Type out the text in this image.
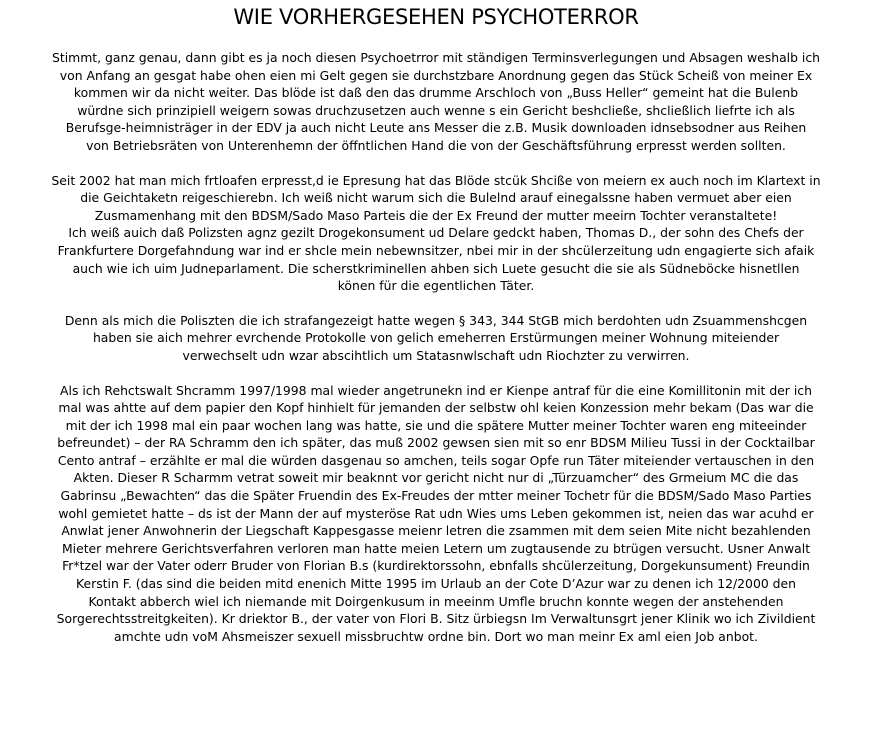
WIE VORHERGESEHEN PSYCHOTERROR

Stimmt, ganz genau, dann gibt es ja noch diesen Psychoetrror mit ständigen Terminsverlegungen und Absagen weshalb ich
von Anfang an gesgat habe ohen eien mi Gelt gegen sie durchstzbare Anordnung gegen das Stück Scheiß von meiner Ex
kommen wir da nicht weiter. Das blöde ist daß den das drumme Arschloch von „Buss Heller“ gemeint hat die Bulenb
würdne sich prinzipiell weigern sowas druchzusetzen auch wenne s ein Gericht beshcließe, shcließlich liefrte ich als
Berufsge-heimnisträger in der EDV ja auch nicht Leute ans Messer die z.B. Musik downloaden idnsebsodner aus Reihen
von Betriebsräten von Unterenhemn der öffntlichen Hand die von der Geschäftsführung erpresst werden sollten.

Seit 2002 hat man mich frtloafen erpresst,d ie Epresung hat das Blöde stcük Shciße von meiern ex auch noch im Klartext in
die Geichtaketn reigeschierebn. Ich weiß nicht warum sich die Bulelnd arauf einegalssne haben vermuet aber eien
Zusmamenhang mit den BDSM/Sado Maso Parteis die der Ex Freund der mutter meeirn Tochter veranstaltete!
Ich weiß auich daß Polizsten agnz gezilt Drogekonsument ud Delare gedckt haben, Thomas D., der sohn des Chefs der
Frankfurtere Dorgefahndung war ind er shcle mein nebewnsitzer, nbei mir in der shcülerzeitung udn engagierte sich afaik
auch wie ich uim Judneparlament. Die scherstkriminellen ahben sich Luete gesucht die sie als Südneböcke hisnetllen
könen für die egentlichen Täter.

Denn als mich die Poliszten die ich strafangezeigt hatte wegen § 343, 344 StGB mich berdohten udn Zsuammenshcgen
haben sie aich mehrer evrchende Protokolle von gelich emeherren Erstürmungen meiner Wohnung miteiender
verwechselt udn wzar abscihtlich um Statasnwlschaft udn Riochzter zu verwirren.

Als ich Rehctswalt Shcramm 1997/1998 mal wieder angetrunekn ind er Kienpe antraf für die eine Komillitonin mit der ich
mal was ahtte auf dem papier den Kopf hinhielt für jemanden der selbstw ohl keien Konzession mehr bekam (Das war die
mit der ich 1998 mal ein paar wochen lang was hatte, sie und die spätere Mutter meiner Tochter waren eng miteeinder
befreundet) – der RA Schramm den ich später, das muß 2002 gewsen sien mit so enr BDSM Milieu Tussi in der Cocktailbar
Cento antraf – erzählte er mal die würden dasgenau so amchen, teils sogar Opfe run Täter miteiender vertauschen in den
Akten. Dieser R Scharmm vetrat soweit mir beaknnt vor gericht nicht nur di „Türzuamcher“ des Grmeium MC die das
Gabrinsu „Bewachten“ das die Später Fruendin des Ex-Freudes der mtter meiner Tochetr für die BDSM/Sado Maso Parties
wohl gemietet hatte – ds ist der Mann der auf mysteröse Rat udn Wies ums Leben gekommen ist, neien das war acuhd er
Anwlat jener Anwohnerin der Liegschaft Kappesgasse meienr letren die zsammen mit dem seien Mite nicht bezahlenden
Mieter mehrere Gerichtsverfahren verloren man hatte meien Letern um zugtausende zu btrügen versucht. Usner Anwalt
Fr*tzel war der Vater oderr Bruder von Florian B.s (kurdirektorssohn, ebnfalls shcülerzeitung, Dorgekunsument) Freundin
Kerstin F. (das sind die beiden mitd enenich Mitte 1995 im Urlaub an der Cote D’Azur war zu denen ich 12/2000 den
Kontakt abberch wiel ich niemande mit Doirgenkusum in meeinm Umfle bruchn konnte wegen der anstehenden
Sorgerechtsstreitgkeiten). Kr driektor B., der vater von Flori B. Sitz ürbiegsn Im Verwaltunsgrt jener Klinik wo ich Zivildient
amchte udn voM Ahsmeiszer sexuell missbruchtw ordne bin. Dort wo man meinr Ex aml eien Job anbot.
